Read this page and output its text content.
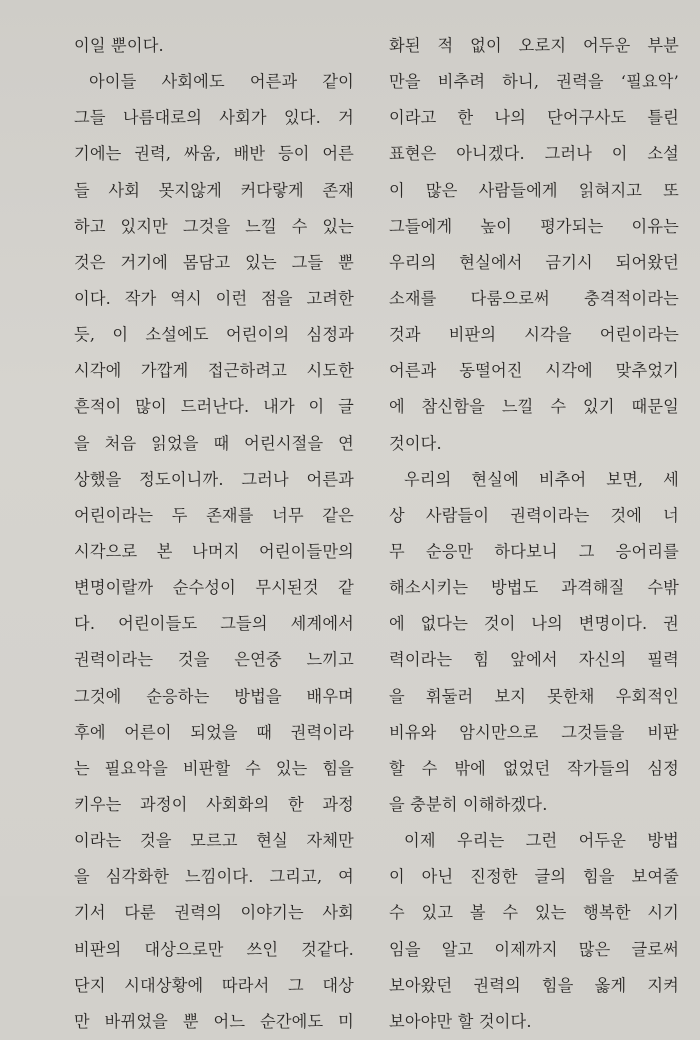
이일 뿐이다.
아이들 사회에도 어른과 같이
그들 나름대로의 사회가 있다. 거
기에는 권력, 싸움, 배반 등이 어른
들 사회 못지않게 커다랗게 존재
하고 있지만 그것을 느낄 수 있는
것은 거기에 몸담고 있는 그들 뿐
이다. 작가 역시 이런 점을 고려한
듯, 이 소설에도 어린이의 심정과
시각에 가깝게 접근하려고 시도한
흔적이 많이 드러난다. 내가 이 글
을 처음 읽었을 때 어린시절을 연
상했을 정도이니까. 그러나 어른과
어린이라는 두 존재를 너무 같은
시각으로 본 나머지 어린이들만의
변명이랄까 순수성이 무시된것 같
다. 어린이들도 그들의 세계에서
권력이라는 것을 은연중 느끼고
그것에 순응하는 방법을 배우며
후에 어른이 되었을 때 권력이라
는 필요악을 비판할 수 있는 힘을
키우는 과정이 사회화의 한 과정
이라는 것을 모르고 현실 자체만
을 심각화한 느낌이다. 그리고, 여
기서 다룬 권력의 이야기는 사회
비판의 대상으로만 쓰인 것같다.
단지 시대상황에 따라서 그 대상
만 바뀌었을 뿐 어느 순간에도 미
화된 적 없이 오로지 어두운 부분
만을 비추려 하니, 권력을 ‘필요악’
이라고 한 나의 단어구사도 틀린
표현은 아니겠다. 그러나 이 소설
이 많은 사람들에게 읽혀지고 또
그들에게 높이 평가되는 이유는
우리의 현실에서 금기시 되어왔던
소재를 다룸으로써 충격적이라는
것과 비판의 시각을 어린이라는
어른과 동떨어진 시각에 맞추었기
에 참신함을 느낄 수 있기 때문일
것이다.
우리의 현실에 비추어 보면, 세
상 사람들이 권력이라는 것에 너
무 순응만 하다보니 그 응어리를
해소시키는 방법도 과격해질 수밖
에 없다는 것이 나의 변명이다. 권
력이라는 힘 앞에서 자신의 필력
을 휘둘러 보지 못한채 우회적인
비유와 암시만으로 그것들을 비판
할 수 밖에 없었던 작가들의 심정
을 충분히 이해하겠다.
이제 우리는 그런 어두운 방법
이 아닌 진정한 글의 힘을 보여줄
수 있고 볼 수 있는 행복한 시기
임을 알고 이제까지 많은 글로써
보아왔던 권력의 힘을 옳게 지켜
보아야만 할 것이다.
